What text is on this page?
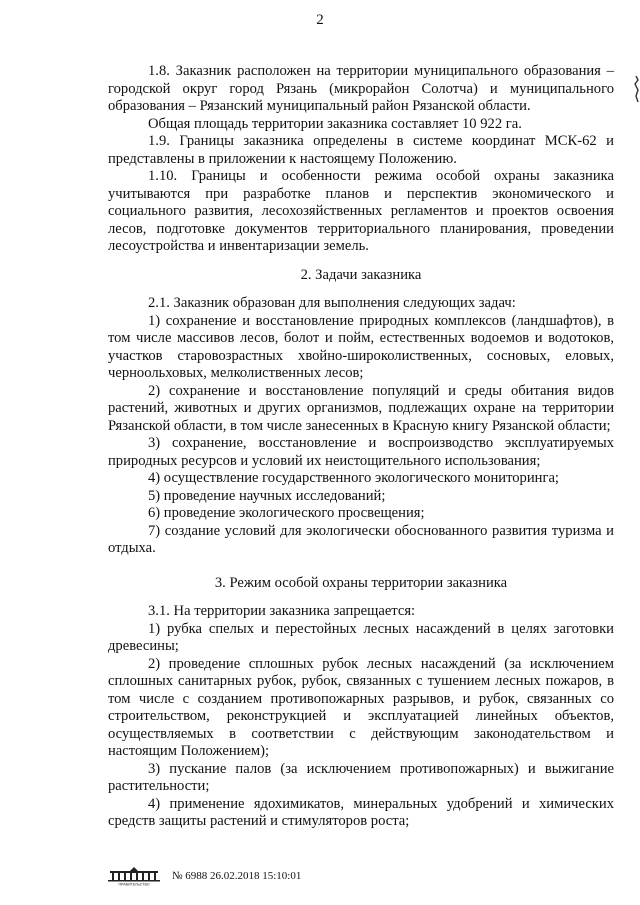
2

1.8. Заказник расположен на территории муниципального образования – городской округ город Рязань (микрорайон Солотча) и муниципального образования – Рязанский муниципальный район Рязанской области.

Общая площадь территории заказника составляет 10 922 га.

1.9. Границы заказника определены в системе координат МСК-62 и представлены в приложении к настоящему Положению.

1.10. Границы и особенности режима особой охраны заказника учитываются при разработке планов и перспектив экономического и социального развития, лесохозяйственных регламентов и проектов освоения лесов, подготовке документов территориального планирования, проведении лесоустройства и инвентаризации земель.

2. Задачи заказника

2.1. Заказник образован для выполнения следующих задач:

1) сохранение и восстановление природных комплексов (ландшафтов), в том числе массивов лесов, болот и пойм, естественных водоемов и водотоков, участков старовозрастных хвойно-широколиственных, сосновых, еловых, черноольховых, мелколиственных лесов;

2) сохранение и восстановление популяций и среды обитания видов растений, животных и других организмов, подлежащих охране на территории Рязанской области, в том числе занесенных в Красную книгу Рязанской области;

3) сохранение, восстановление и воспроизводство эксплуатируемых природных ресурсов и условий их неистощительного использования;

4) осуществление государственного экологического мониторинга;

5) проведение научных исследований;

6) проведение экологического просвещения;

7) создание условий для экологически обоснованного развития туризма и отдыха.

3. Режим особой охраны территории заказника

3.1. На территории заказника запрещается:

1) рубка спелых и перестойных лесных насаждений в целях заготовки древесины;

2) проведение сплошных рубок лесных насаждений (за исключением сплошных санитарных рубок, рубок, связанных с тушением лесных пожаров, в том числе с созданием противопожарных разрывов, и рубок, связанных со строительством, реконструкцией и эксплуатацией линейных объектов, осуществляемых в соответствии с действующим законодательством и настоящим Положением);

3) пускание палов (за исключением противопожарных) и выжигание растительности;

4) применение ядохимикатов, минеральных удобрений и химических средств защиты растений и стимуляторов роста;

ПРАВИТЕЛЬСТВО
№ 6988 26.02.2018 15:10:01
